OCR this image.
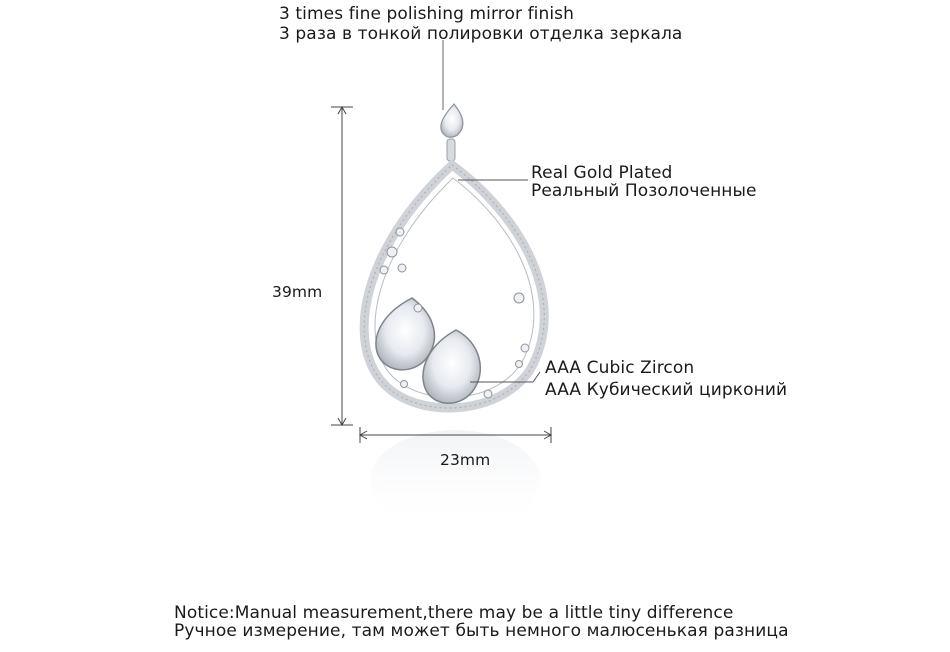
3 times fine polishing mirror finish
3 раза в тонкой полировки отделка зеркала
Real Gold Plated
Реальный Позолоченные
AAA Cubic Zircon
AAA Кубический цирконий
39mm
23mm
Notice:Manual measurement,there may be a little tiny difference
Ручное измерение, там может быть немного малюсенькая разница
